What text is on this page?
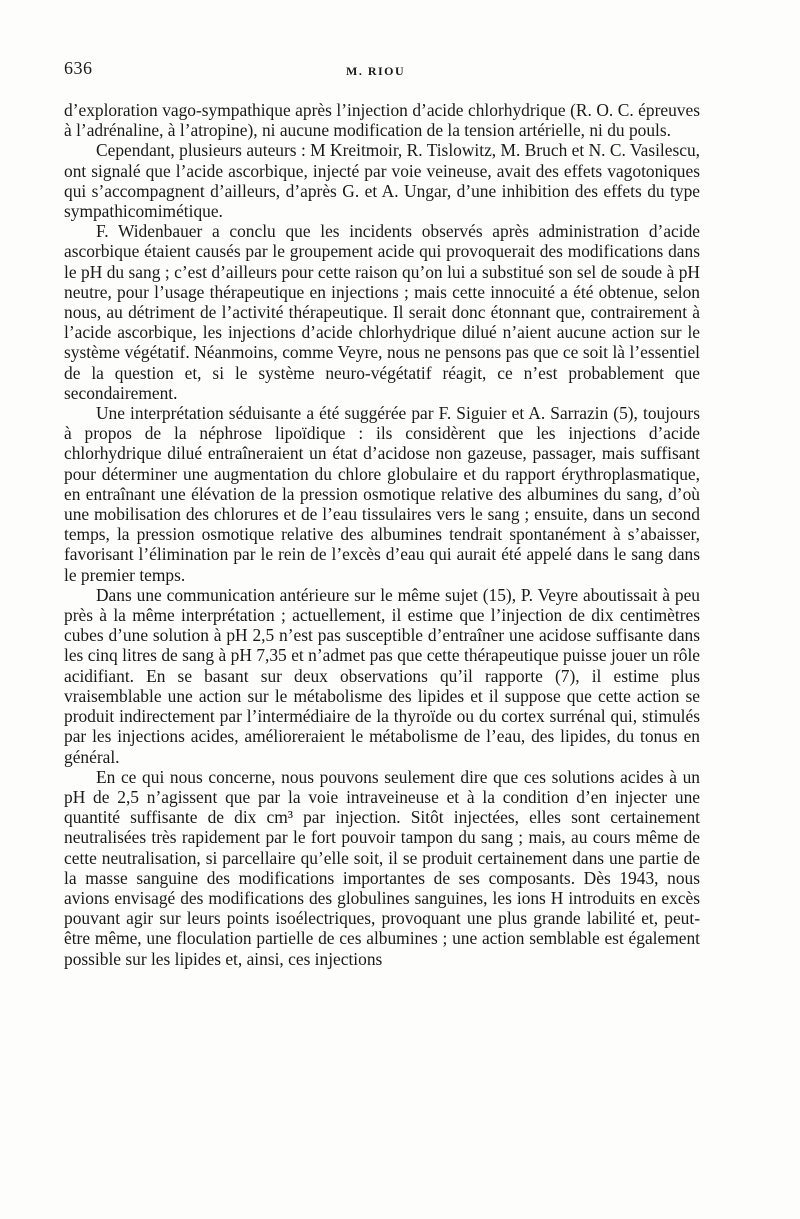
636	M. RIOU

d’exploration vago-sympathique après l’injection d’acide chlorhydrique (R. O. C. épreuves à l’adrénaline, à l’atropine), ni aucune modification de la tension artérielle, ni du pouls.

Cependant, plusieurs auteurs : M Kreitmoir, R. Tislowitz, M. Bruch et N. C. Vasilescu, ont signalé que l’acide ascorbique, injecté par voie veineuse, avait des effets vagotoniques qui s’accompagnent d’ailleurs, d’après G. et A. Ungar, d’une inhibition des effets du type sympathicomimétique.

F. Widenbauer a conclu que les incidents observés après administration d’acide ascorbique étaient causés par le groupement acide qui provoquerait des modifications dans le pH du sang ; c’est d’ailleurs pour cette raison qu’on lui a substitué son sel de soude à pH neutre, pour l’usage thérapeutique en injections ; mais cette innocuité a été obtenue, selon nous, au détriment de l’activité thérapeutique. Il serait donc étonnant que, contrairement à l’acide ascorbique, les injections d’acide chlorhydrique dilué n’aient aucune action sur le système végétatif. Néanmoins, comme Veyre, nous ne pensons pas que ce soit là l’essentiel de la question et, si le système neuro-végétatif réagit, ce n’est probablement que secondairement.

Une interprétation séduisante a été suggérée par F. Siguier et A. Sarrazin (5), toujours à propos de la néphrose lipoïdique : ils considèrent que les injections d’acide chlorhydrique dilué entraîneraient un état d’acidose non gazeuse, passager, mais suffisant pour déterminer une augmentation du chlore globulaire et du rapport érythroplasmatique, en entraînant une élévation de la pression osmotique relative des albumines du sang, d’où une mobilisation des chlorures et de l’eau tissulaires vers le sang ; ensuite, dans un second temps, la pression osmotique relative des albumines tendrait spontanément à s’abaisser, favorisant l’élimination par le rein de l’excès d’eau qui aurait été appelé dans le sang dans le premier temps.

Dans une communication antérieure sur le même sujet (15), P. Veyre aboutissait à peu près à la même interprétation ; actuellement, il estime que l’injection de dix centimètres cubes d’une solution à pH 2,5 n’est pas susceptible d’entraîner une acidose suffisante dans les cinq litres de sang à pH 7,35 et n’admet pas que cette thérapeutique puisse jouer un rôle acidifiant. En se basant sur deux observations qu’il rapporte (7), il estime plus vraisemblable une action sur le métabolisme des lipides et il suppose que cette action se produit indirectement par l’intermédiaire de la thyroïde ou du cortex surrénal qui, stimulés par les injections acides, amélioreraient le métabolisme de l’eau, des lipides, du tonus en général.

En ce qui nous concerne, nous pouvons seulement dire que ces solutions acides à un pH de 2,5 n’agissent que par la voie intraveineuse et à la condition d’en injecter une quantité suffisante de dix cm³ par injection. Sitôt injectées, elles sont certainement neutralisées très rapidement par le fort pouvoir tampon du sang ; mais, au cours même de cette neutralisation, si parcellaire qu’elle soit, il se produit certainement dans une partie de la masse sanguine des modifications importantes de ses composants. Dès 1943, nous avions envisagé des modifications des globulines sanguines, les ions H introduits en excès pouvant agir sur leurs points isoélectriques, provoquant une plus grande labilité et, peut-être même, une floculation partielle de ces albumines ; une action semblable est également possible sur les lipides et, ainsi, ces injections
